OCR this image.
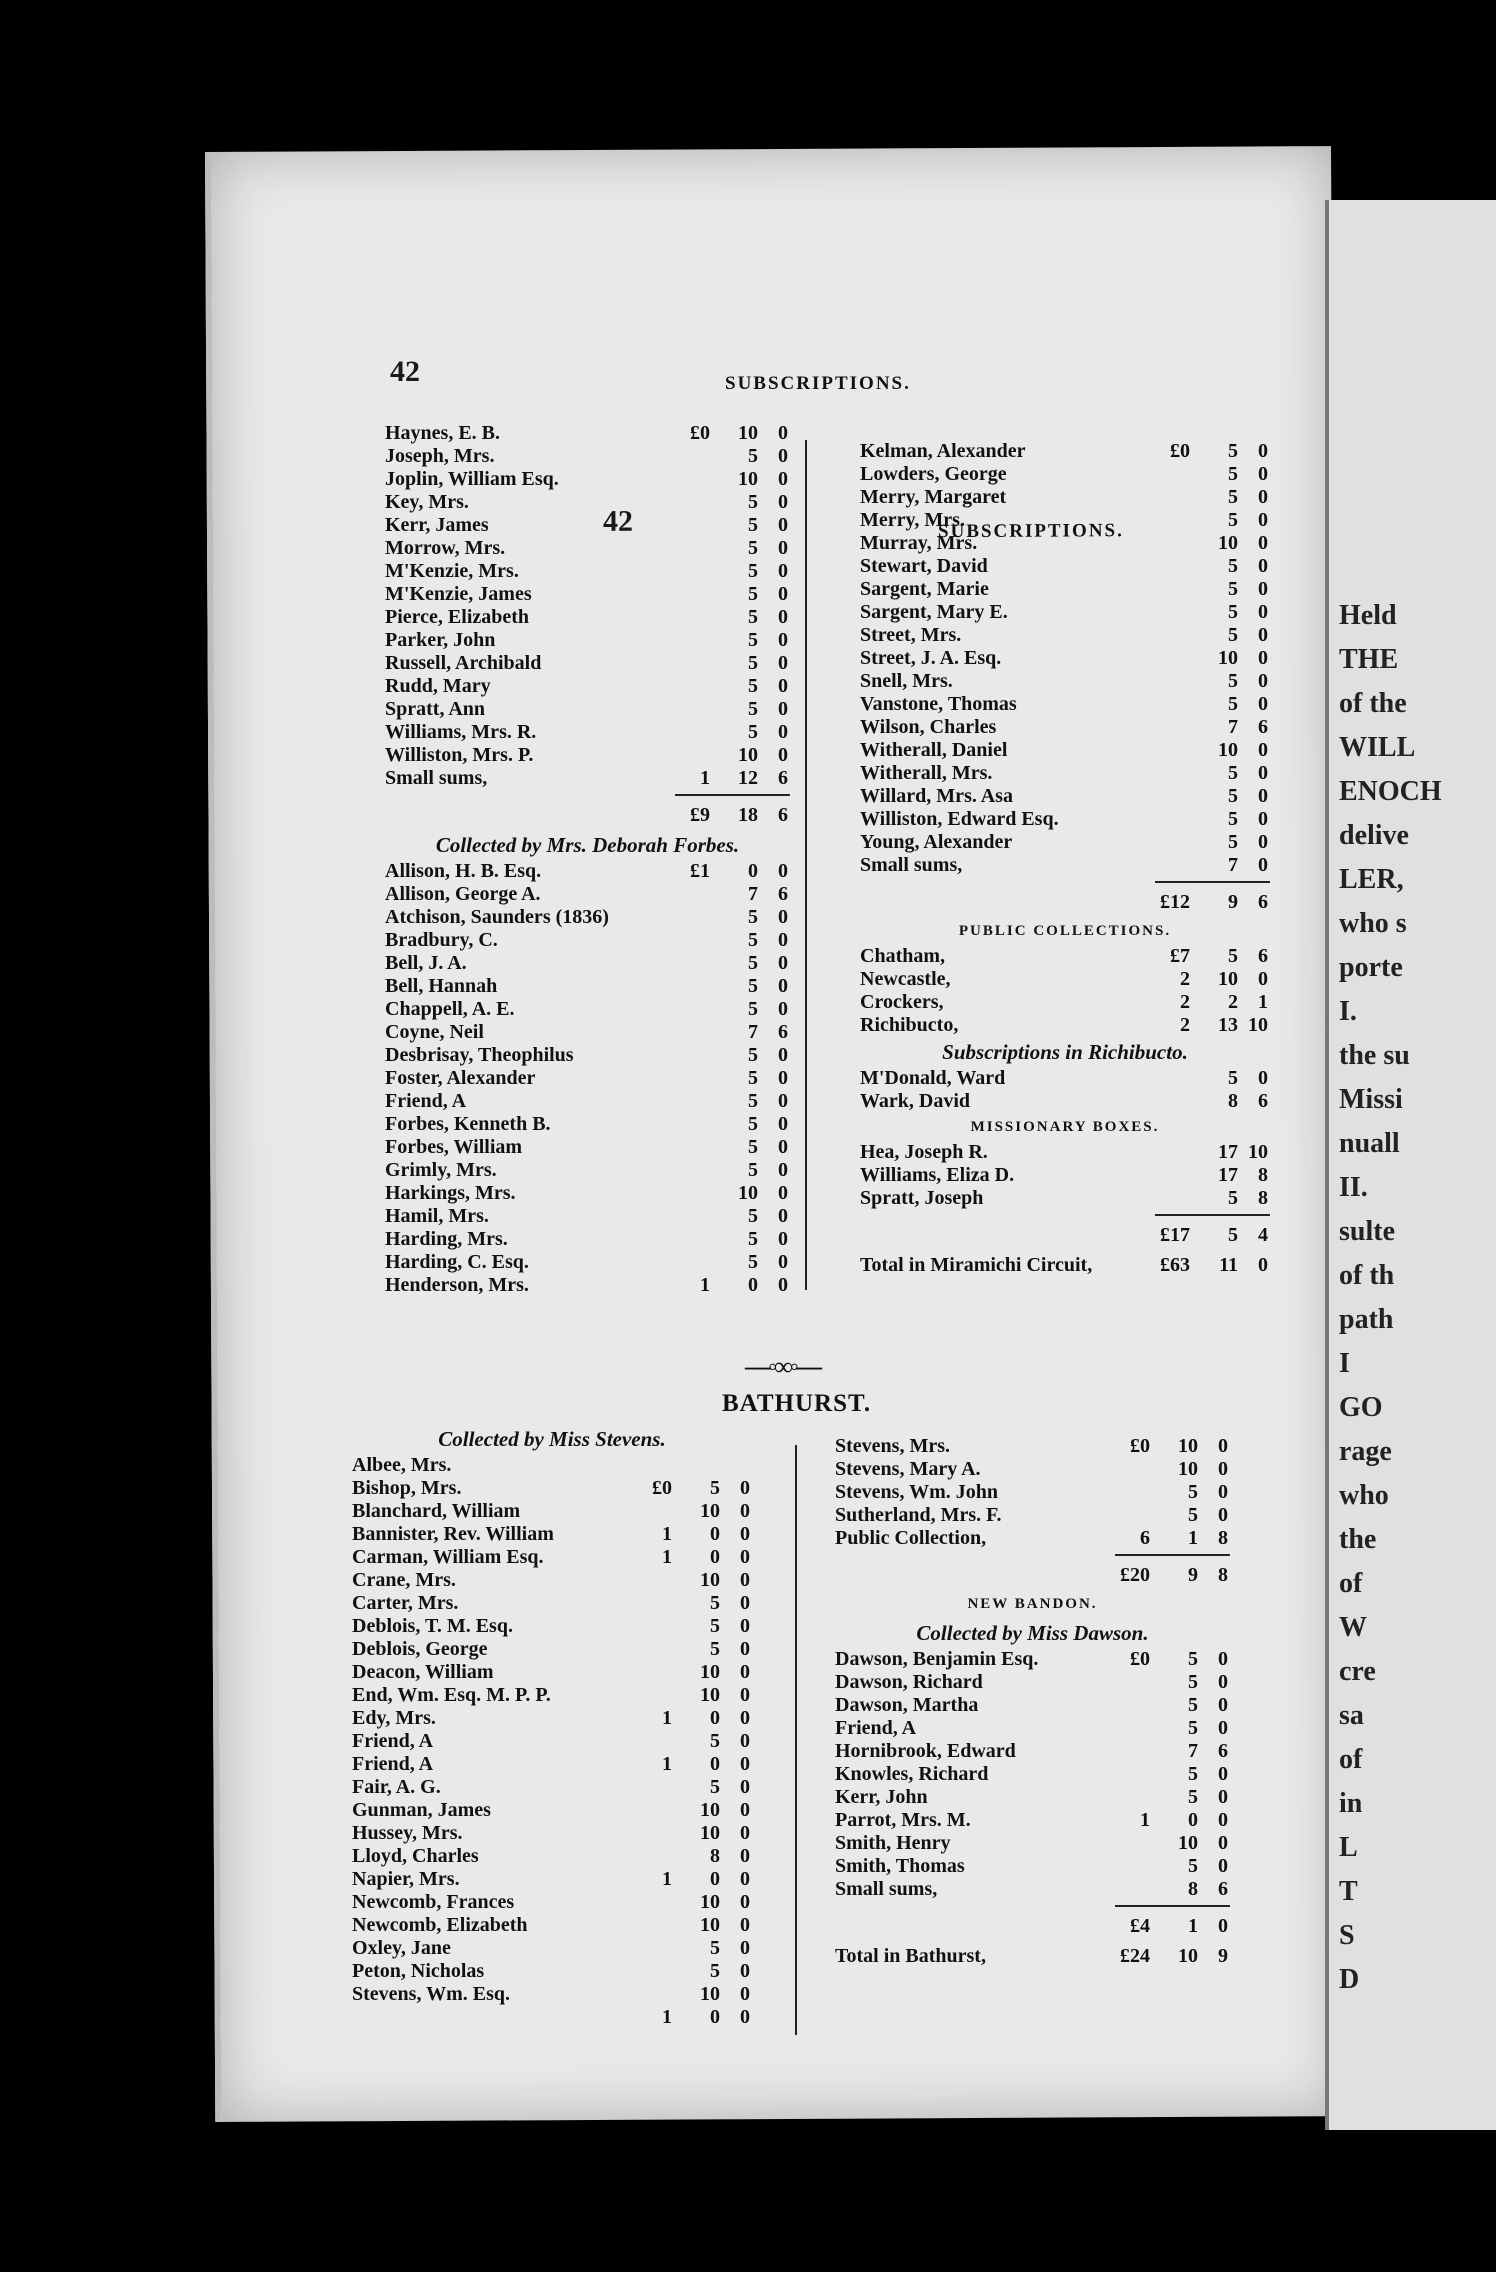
42	SUBSCRIPTIONS.
Held
THE
of the
WILL
ENOCH
delive
LER,
who s
porte
I.
the su
Missi
nuall
II.
sulte
of th
path
I
GO
rage
who
the
of
W
cre
sa
of
in
L
T
S
D
42	SUBSCRIPTIONS.
Haynes, E. B.	£0	10	0
Joseph, Mrs.	5	0
Joplin, William Esq.	10	0
Key, Mrs.	5	0
Kerr, James	5	0
Morrow, Mrs.	5	0
M'Kenzie, Mrs.	5	0
M'Kenzie, James	5	0
Pierce, Elizabeth	5	0
Parker, John	5	0
Russell, Archibald	5	0
Rudd, Mary	5	0
Spratt, Ann	5	0
Williams, Mrs. R.	5	0
Williston, Mrs. P.	10	0
Small sums,	1	12	6
£9	18	6
Collected by Mrs. Deborah Forbes.
Allison, H. B. Esq.	£1	0	0
Allison, George A.	7	6
Atchison, Saunders (1836)	5	0
Bradbury, C.	5	0
Bell, J. A.	5	0
Bell, Hannah	5	0
Chappell, A. E.	5	0
Coyne, Neil	7	6
Desbrisay, Theophilus	5	0
Foster, Alexander	5	0
Friend, A	5	0
Forbes, Kenneth B.	5	0
Forbes, William	5	0
Grimly, Mrs.	5	0
Harkings, Mrs.	10	0
Hamil, Mrs.	5	0
Harding, Mrs.	5	0
Harding, C. Esq.	5	0
Henderson, Mrs.	1	0	0
Kelman, Alexander	£0	5	0
Lowders, George	5	0
Merry, Margaret	5	0
Merry, Mrs.	5	0
Murray, Mrs.	10	0
Stewart, David	5	0
Sargent, Marie	5	0
Sargent, Mary E.	5	0
Street, Mrs.	5	0
Street, J. A. Esq.	10	0
Snell, Mrs.	5	0
Vanstone, Thomas	5	0
Wilson, Charles	7	6
Witherall, Daniel	10	0
Witherall, Mrs.	5	0
Willard, Mrs. Asa	5	0
Williston, Edward Esq.	5	0
Young, Alexander	5	0
Small sums,	7	0
£12	9	6
PUBLIC COLLECTIONS.
Chatham,	£7	5	6
Newcastle,	2	10	0
Crockers,	2	2	1
Richibucto,	2	13 10
Subscriptions in Richibucto.
M'Donald, Ward	5	0
Wark, David	8	6
MISSIONARY BOXES.
Hea, Joseph R.	17 10
Williams, Eliza D.	17	8
Spratt, Joseph	5	8
£17	5	4
Total in Miramichi Circuit,	£63	11	0
—◦∞◦—
BATHURST.
Collected by Miss Stevens.
Albee, Mrs.
Bishop, Mrs.	£0	5	0
Blanchard, William	10	0
Bannister, Rev. William	1	0	0
Carman, William Esq.	1	0	0
Crane, Mrs.	10	0
Carter, Mrs.	5	0
Deblois, T. M. Esq.	5	0
Deblois, George	5	0
Deacon, William	10	0
End, Wm. Esq. M. P. P.	10	0
Edy, Mrs.	1	0	0
Friend, A	5	0
Friend, A	1	0	0
Fair, A. G.	5	0
Gunman, James	10	0
Hussey, Mrs.	10	0
Lloyd, Charles	8	0
Napier, Mrs.	1	0	0
Newcomb, Frances	10	0
Newcomb, Elizabeth	10	0
Oxley, Jane	5	0
Peton, Nicholas	5	0
Stevens, Wm. Esq.	10	0
1	0	0
Stevens, Mrs.	£0	10	0
Stevens, Mary A.	10	0
Stevens, Wm. John	5	0
Sutherland, Mrs. F.	5	0
Public Collection,	6	1	8
£20	9	8
NEW BANDON.
Collected by Miss Dawson.
Dawson, Benjamin Esq.	£0	5	0
Dawson, Richard	5	0
Dawson, Martha	5	0
Friend, A	5	0
Hornibrook, Edward	7	6
Knowles, Richard	5	0
Kerr, John	5	0
Parrot, Mrs. M.	1	0	0
Smith, Henry	10	0
Smith, Thomas	5	0
Small sums,	8	6
£4	1	0
Total in Bathurst,	£24	10	9
